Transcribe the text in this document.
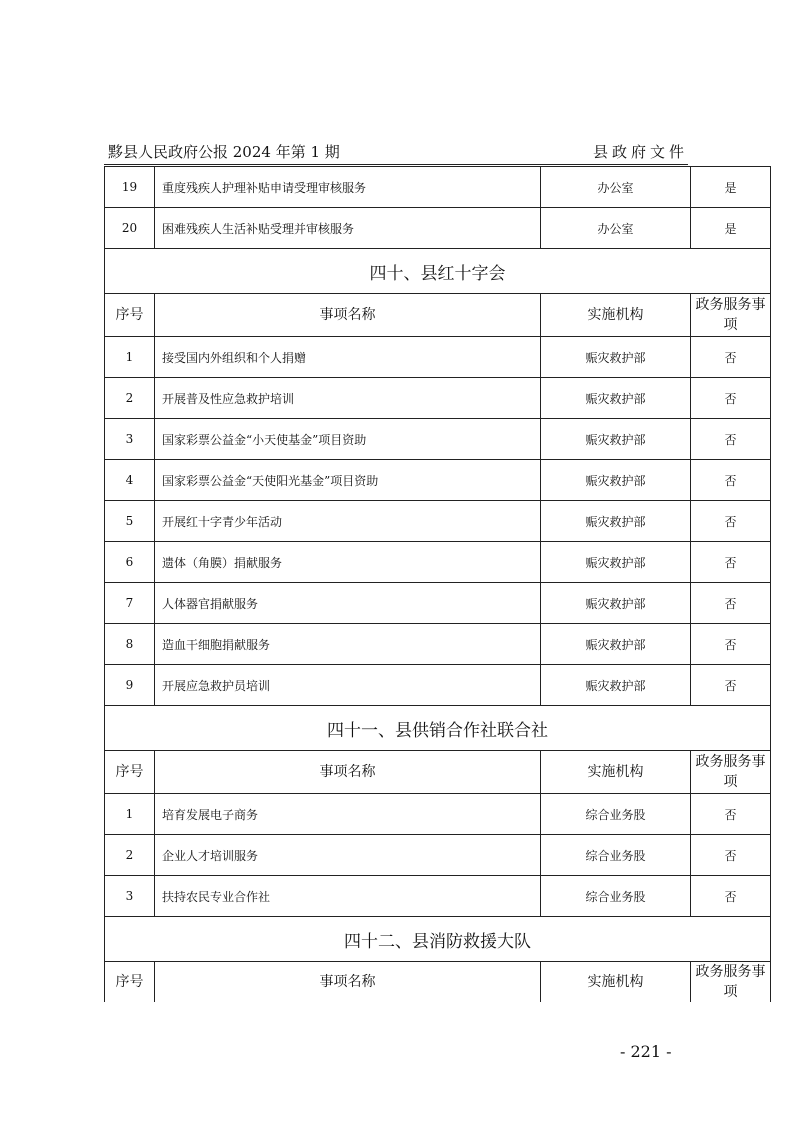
黟县人民政府公报 2024 年第 1 期	县政府文件
19	重度残疾人护理补贴申请受理审核服务	办公室	是
20	困难残疾人生活补贴受理并审核服务	办公室	是
四十、县红十字会			
序号	事项名称	实施机构	政务服务事项
1	接受国内外组织和个人捐赠	赈灾救护部	否
2	开展普及性应急救护培训	赈灾救护部	否
3	国家彩票公益金“小天使基金”项目资助	赈灾救护部	否
4	国家彩票公益金“天使阳光基金”项目资助	赈灾救护部	否
5	开展红十字青少年活动	赈灾救护部	否
6	遗体（角膜）捐献服务	赈灾救护部	否
7	人体器官捐献服务	赈灾救护部	否
8	造血干细胞捐献服务	赈灾救护部	否
9	开展应急救护员培训	赈灾救护部	否
四十一、县供销合作社联合社			
序号	事项名称	实施机构	政务服务事项
1	培育发展电子商务	综合业务股	否
2	企业人才培训服务	综合业务股	否
3	扶持农民专业合作社	综合业务股	否
四十二、县消防救援大队			
序号	事项名称	实施机构	政务服务事项
- 221 -
